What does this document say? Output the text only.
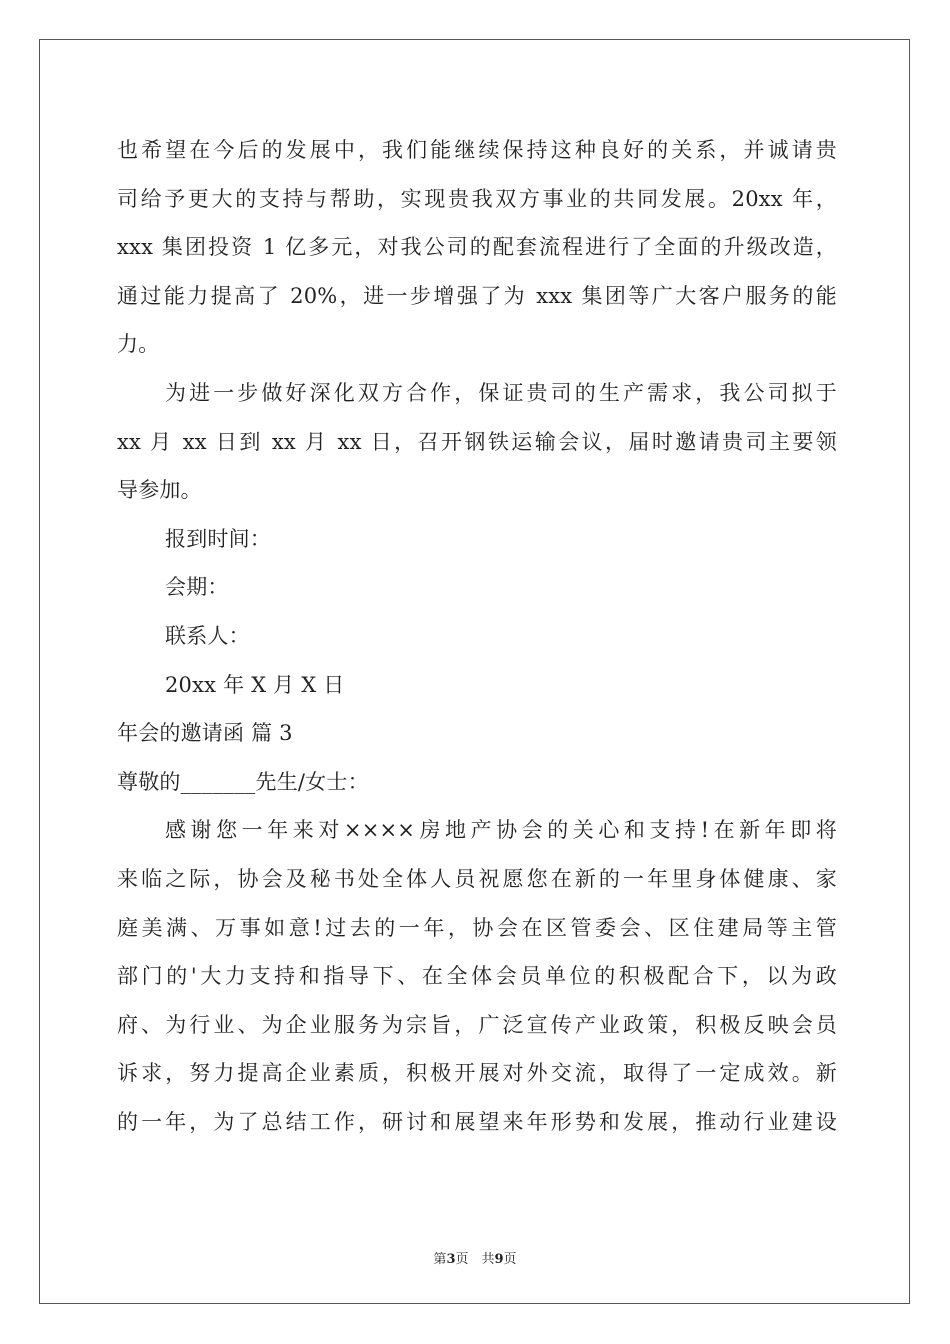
也希望在今后的发展中，我们能继续保持这种良好的关系，并诚请贵
司给予更大的支持与帮助，实现贵我双方事业的共同发展。20xx 年，
xxx 集团投资 1 亿多元，对我公司的配套流程进行了全面的升级改造，
通过能力提高了 20%，进一步增强了为 xxx 集团等广大客户服务的能
力。
为进一步做好深化双方合作，保证贵司的生产需求，我公司拟于
xx 月 xx 日到 xx 月 xx 日，召开钢铁运输会议，届时邀请贵司主要领
导参加。
报到时间：
会期：
联系人：
20xx 年 X 月 X 日
年会的邀请函 篇 3
尊敬的_______先生/女士：
感谢您一年来对××××房地产协会的关心和支持!在新年即将
来临之际，协会及秘书处全体人员祝愿您在新的一年里身体健康、家
庭美满、万事如意!过去的一年，协会在区管委会、区住建局等主管
部门的'大力支持和指导下、在全体会员单位的积极配合下，以为政
府、为行业、为企业服务为宗旨，广泛宣传产业政策，积极反映会员
诉求，努力提高企业素质，积极开展对外交流，取得了一定成效。新
的一年，为了总结工作，研讨和展望来年形势和发展，推动行业建设
第3页　共9页
